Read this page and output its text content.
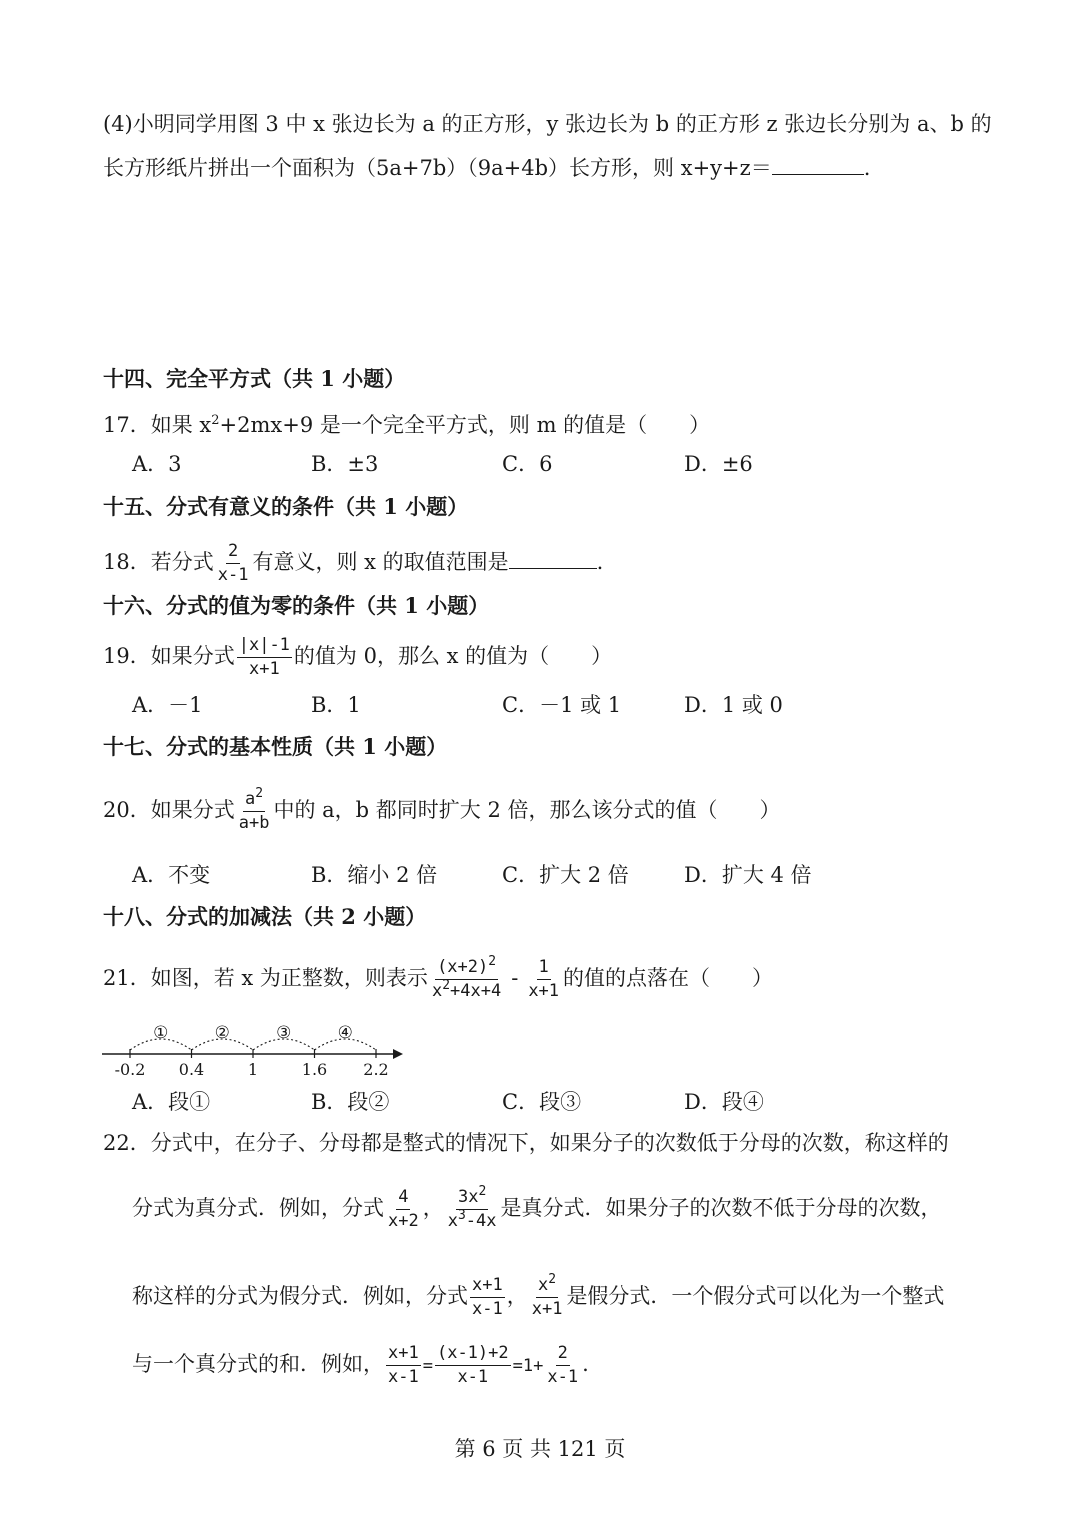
(4)小明同学用图 3 中 x 张边长为 a 的正方形，y 张边长为 b 的正方形 z 张边长分别为 a、b 的
长方形纸片拼出一个面积为（5a+7b）（9a+4b）长方形，则 x+y+z＝	.
十四、完全平方式（共 1 小题）
17．如果 $x^2+2mx+9$ 是一个完全平方式，则 m 的值是（　　）
A．3	B．±3	C．6	D．±6
十五、分式有意义的条件（共 1 小题）
18．若分式 $\frac{2}{x-1}$ 有意义，则 x 的取值范围是	.
十六、分式的值为零的条件（共 1 小题）
19．如果分式 $\frac{|x|-1}{x+1}$ 的值为 0，那么 x 的值为（　　）
A．－1	B．1	C．－1 或 1	D．1 或 0
十七、分式的基本性质（共 1 小题）
20．如果分式 $\frac{a^2}{a+b}$ 中的 a，b 都同时扩大 2 倍，那么该分式的值（　　）
A．不变	B．缩小 2 倍	C．扩大 2 倍	D．扩大 4 倍
十八、分式的加减法（共 2 小题）
21．如图，若 x 为正整数，则表示 $\frac{(x+2)^2}{x^2+4x+4} - \frac{1}{x+1}$ 的值的点落在（　　）
-0.2 0.4	1	1.6 2.2
①	②	③	④
A．段①	B．段②	C．段③	D．段④
22．分式中，在分子、分母都是整式的情况下，如果分子的次数低于分母的次数，称这样的
分式为真分式．例如，分式 $\frac{4}{x+2}$ ， $\frac{3x^2}{x^3-4x}$ 是真分式．如果分子的次数不低于分母的次数，
称这样的分式为假分式．例如，分式 $\frac{x+1}{x-1}$ ， $\frac{x^2}{x+1}$ 是假分式．一个假分式可以化为一个整式
与一个真分式的和．例如， $\frac{x+1}{x-1} = \frac{(x-1)+2}{x-1} =1+ \frac{2}{x-1}$ .
第 6 页 共 121 页
